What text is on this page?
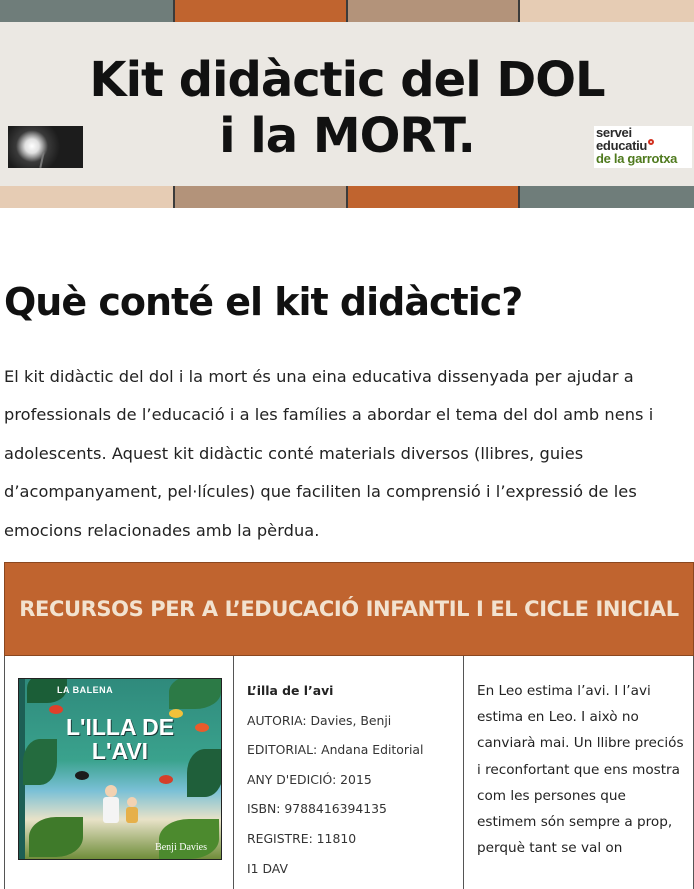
Kit didàctic del DOL
i la MORT.	servei
educatiu
de la garrotxa
Què conté el kit didàctic?

El kit didàctic del dol i la mort és una eina educativa dissenyada per ajudar a professionals de l’educació i a les famílies a abordar el tema del dol amb nens i adolescents. Aquest kit didàctic conté materials diversos (llibres, guies d’acompanyament, pel·lícules) que faciliten la comprensió i l’expressió de les emocions relacionades amb la pèrdua.

RECURSOS PER A L’EDUCACIÓ INFANTIL I EL CICLE INICIAL
LA BALENA
L'ILLA DE
L'AVI
Benji Davies
L’illa de l’avi
AUTORIA: Davies, Benji
EDITORIAL: Andana Editorial
ANY D'EDICIÓ: 2015
ISBN: 9788416394135
REGISTRE: 11810
I1 DAV

En Leo estima l’avi. I l’avi estima en Leo. I això no canviarà mai. Un llibre preciós i reconfortant que ens mostra com les persones que estimem són sempre a prop, perquè tant se val on
